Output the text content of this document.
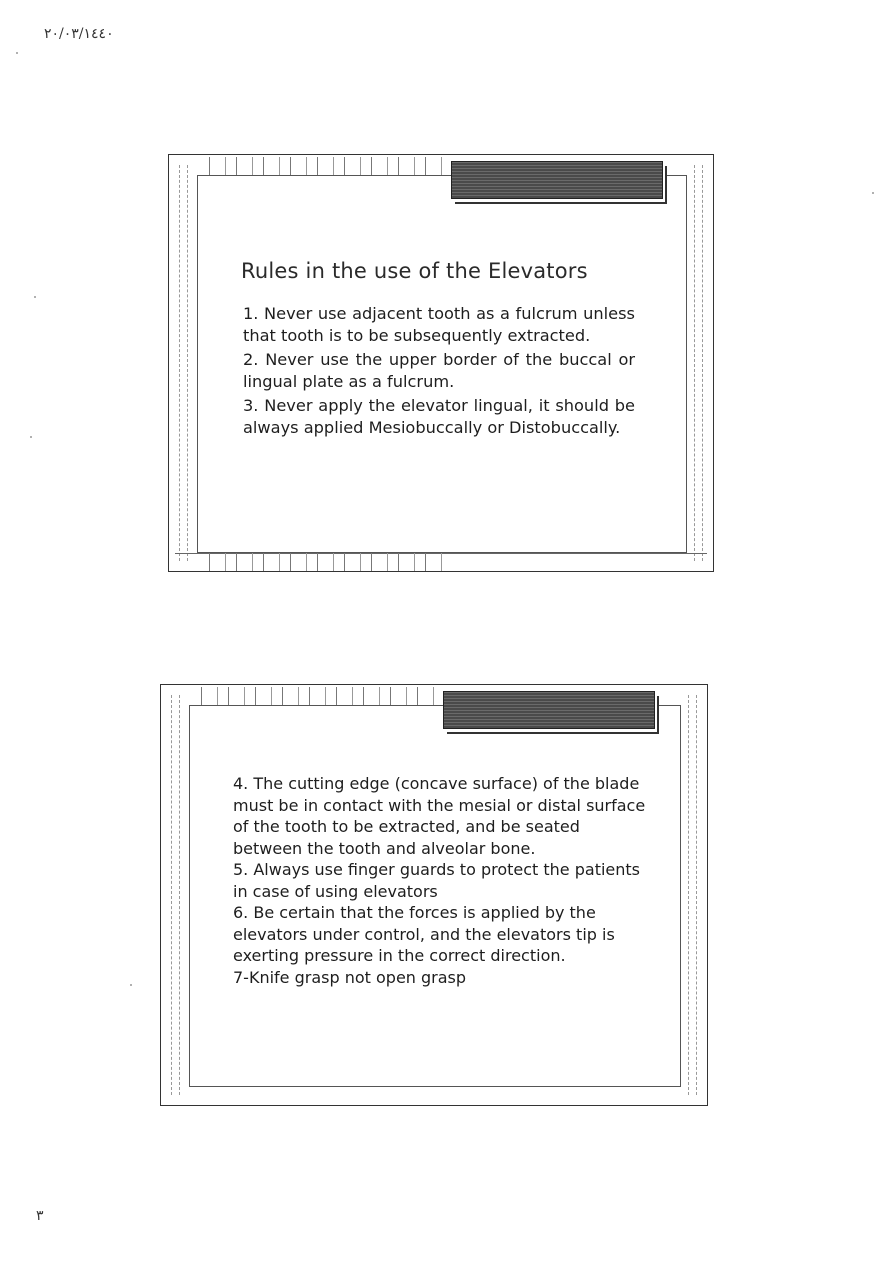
٢٠/٠٣/١٤٤٠
Rules in the use of the Elevators
1. Never use adjacent tooth as a fulcrum unless that tooth is to be subsequently extracted.
2. Never use the upper border of the buccal or lingual plate as a fulcrum.
3. Never apply the elevator lingual, it should be always applied Mesiobuccally or Distobuccally.
4. The cutting edge (concave surface) of the blade must be in contact with the mesial or distal surface of the tooth to be extracted, and be seated between the tooth and alveolar bone.
5. Always use finger guards to protect the patients in case of using elevators
6. Be certain that the forces is applied by the elevators under control, and the elevators tip is exerting pressure in the correct direction.
7-Knife grasp not open grasp
٣
